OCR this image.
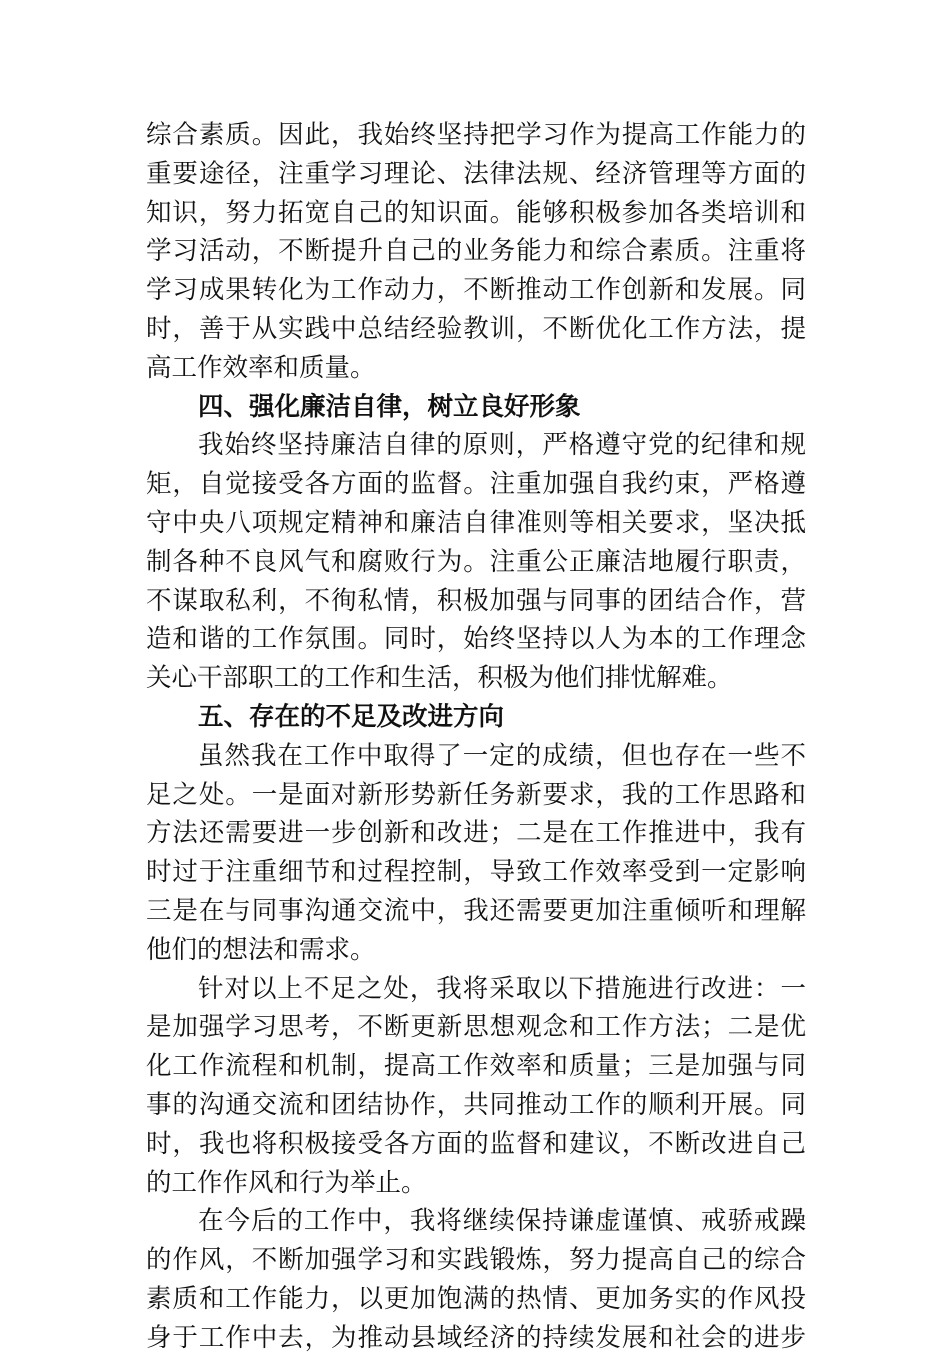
综合素质。因此，我始终坚持把学习作为提高工作能力的
重要途径，注重学习理论、法律法规、经济管理等方面的
知识，努力拓宽自己的知识面。能够积极参加各类培训和
学习活动，不断提升自己的业务能力和综合素质。注重将
学习成果转化为工作动力，不断推动工作创新和发展。同
时，善于从实践中总结经验教训，不断优化工作方法，提
高工作效率和质量。
四、强化廉洁自律，树立良好形象
我始终坚持廉洁自律的原则，严格遵守党的纪律和规
矩，自觉接受各方面的监督。注重加强自我约束，严格遵
守中央八项规定精神和廉洁自律准则等相关要求，坚决抵
制各种不良风气和腐败行为。注重公正廉洁地履行职责，
不谋取私利，不徇私情，积极加强与同事的团结合作，营
造和谐的工作氛围。同时，始终坚持以人为本的工作理念
关心干部职工的工作和生活，积极为他们排忧解难。
五、存在的不足及改进方向
虽然我在工作中取得了一定的成绩，但也存在一些不
足之处。一是面对新形势新任务新要求，我的工作思路和
方法还需要进一步创新和改进；二是在工作推进中，我有
时过于注重细节和过程控制，导致工作效率受到一定影响
三是在与同事沟通交流中，我还需要更加注重倾听和理解
他们的想法和需求。
针对以上不足之处，我将采取以下措施进行改进：一
是加强学习思考，不断更新思想观念和工作方法；二是优
化工作流程和机制，提高工作效率和质量；三是加强与同
事的沟通交流和团结协作，共同推动工作的顺利开展。同
时，我也将积极接受各方面的监督和建议，不断改进自己
的工作作风和行为举止。
在今后的工作中，我将继续保持谦虚谨慎、戒骄戒躁
的作风，不断加强学习和实践锻炼，努力提高自己的综合
素质和工作能力，以更加饱满的热情、更加务实的作风投
身于工作中去，为推动县域经济的持续发展和社会的进步
